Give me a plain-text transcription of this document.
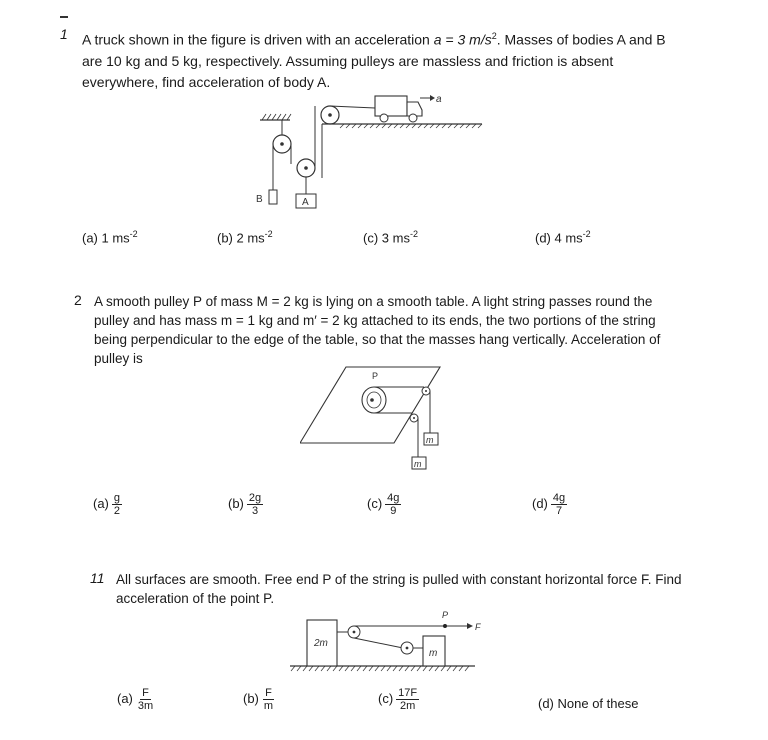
1 A truck shown in the figure is driven with an acceleration a = 3 $m/s^2$. Masses of bodies A and B
are 10 kg and 5 kg, respectively. Assuming pulleys are massless and friction is absent
everywhere, find acceleration of body A.
B	A
a
(a) 1 $ms^{-2}$	(b) 2 $ms^{-2}$	(c) 3 $ms^{-2}$	(d) 4 $ms^{-2}$
2 A smooth pulley P of mass M = 2 kg is lying on a smooth table. A light string passes round the
pulley and has mass m = 1 kg and m′ = 2 kg attached to its ends, the two portions of the string
being perpendicular to the edge of the table, so that the masses hang vertically. Acceleration of
pulley is
P
m
m
$(a) \frac{g}{2}$	$(b) \frac{2g}{3}$	$(c) \frac{4g}{9}$	$(d) \frac{4g}{7}$
11 All surfaces are smooth. Free end P of the string is pulled with constant horizontal force F. Find
acceleration of the point P.
2m
m
P
F
$(a) \frac{F}{3m}$	$(b) \frac{F}{m}$	$(c) \frac{17F}{2m}$	(d) None of these
